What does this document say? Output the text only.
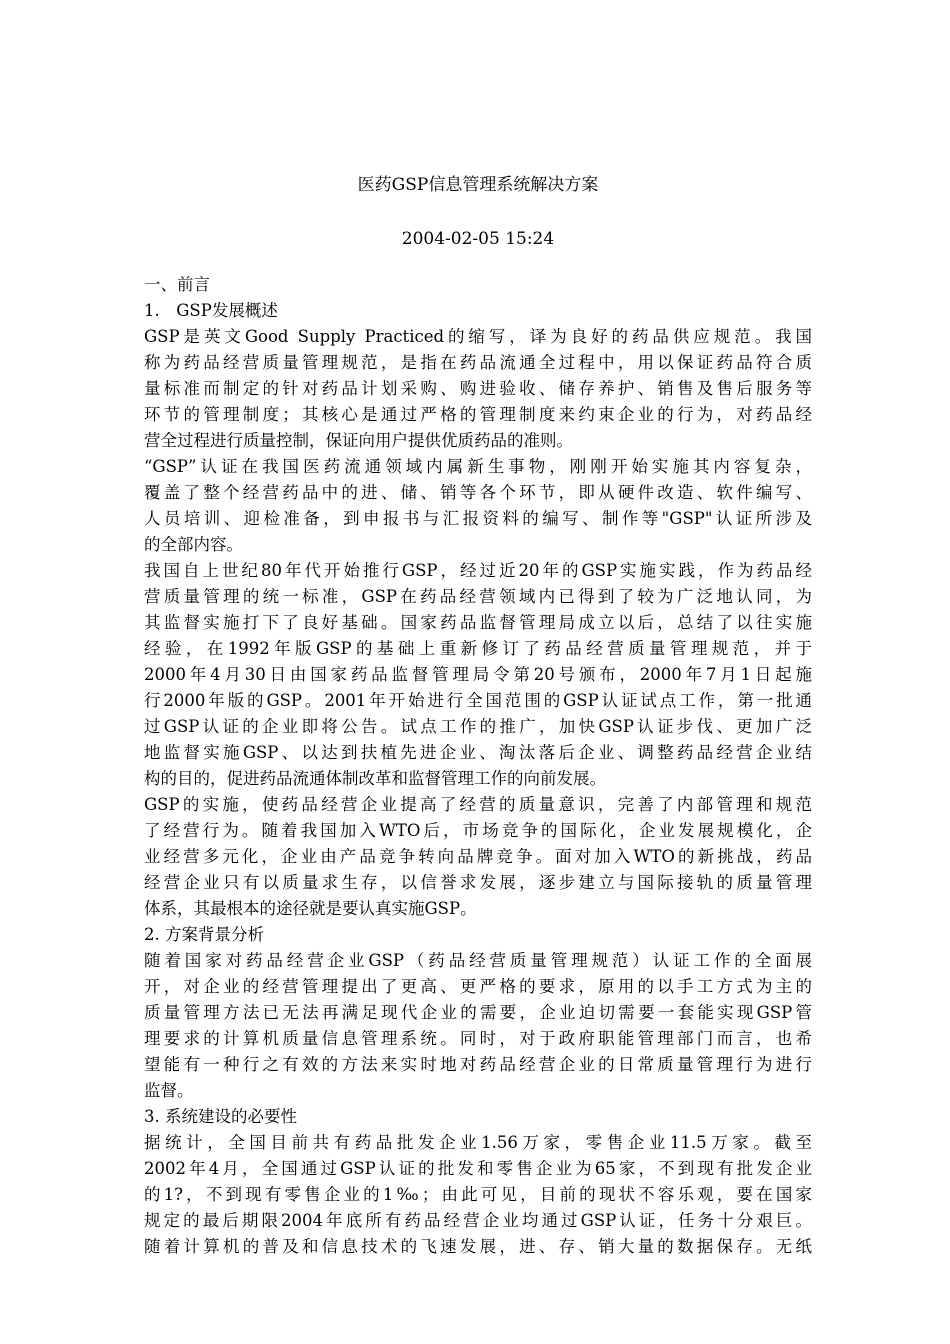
医药GSP信息管理系统解决方案
2004-02-05 15:24
一、前言
1.　GSP发展概述
GSP是英文Good Supply Practiced的缩写，译为良好的药品供应规范。我国
称为药品经营质量管理规范，是指在药品流通全过程中，用以保证药品符合质
量标准而制定的针对药品计划采购、购进验收、储存养护、销售及售后服务等
环节的管理制度；其核心是通过严格的管理制度来约束企业的行为，对药品经
营全过程进行质量控制，保证向用户提供优质药品的准则。
“GSP”认证在我国医药流通领域内属新生事物，刚刚开始实施其内容复杂，
覆盖了整个经营药品中的进、储、销等各个环节，即从硬件改造、软件编写、
人员培训、迎检准备，到申报书与汇报资料的编写、制作等"GSP"认证所涉及
的全部内容。
我国自上世纪80年代开始推行GSP，经过近20年的GSP实施实践，作为药品经
营质量管理的统一标准，GSP在药品经营领域内已得到了较为广泛地认同，为
其监督实施打下了良好基础。国家药品监督管理局成立以后，总结了以往实施
经验，在1992年版GSP的基础上重新修订了药品经营质量管理规范，并于
2000年4月30日由国家药品监督管理局令第20号颁布，2000年7月1日起施
行2000年版的GSP。2001年开始进行全国范围的GSP认证试点工作，第一批通
过GSP认证的企业即将公告。试点工作的推广，加快GSP认证步伐、更加广泛
地监督实施GSP、以达到扶植先进企业、淘汰落后企业、调整药品经营企业结
构的目的，促进药品流通体制改革和监督管理工作的向前发展。
GSP的实施，使药品经营企业提高了经营的质量意识，完善了内部管理和规范
了经营行为。随着我国加入WTO后，市场竞争的国际化，企业发展规模化，企
业经营多元化，企业由产品竞争转向品牌竞争。面对加入WTO的新挑战，药品
经营企业只有以质量求生存，以信誉求发展，逐步建立与国际接轨的质量管理
体系，其最根本的途径就是要认真实施GSP。
2. 方案背景分析
随着国家对药品经营企业GSP（药品经营质量管理规范）认证工作的全面展
开，对企业的经营管理提出了更高、更严格的要求，原用的以手工方式为主的
质量管理方法已无法再满足现代企业的需要，企业迫切需要一套能实现GSP管
理要求的计算机质量信息管理系统。同时，对于政府职能管理部门而言，也希
望能有一种行之有效的方法来实时地对药品经营企业的日常质量管理行为进行
监督。
3. 系统建设的必要性
据统计，全国目前共有药品批发企业1.56万家，零售企业11.5万家。截至
2002年4月，全国通过GSP认证的批发和零售企业为65家，不到现有批发企业
的1?，不到现有零售企业的1‰；由此可见，目前的现状不容乐观，要在国家
规定的最后期限2004年底所有药品经营企业均通过GSP认证，任务十分艰巨。
随着计算机的普及和信息技术的飞速发展，进、存、销大量的数据保存。无纸
